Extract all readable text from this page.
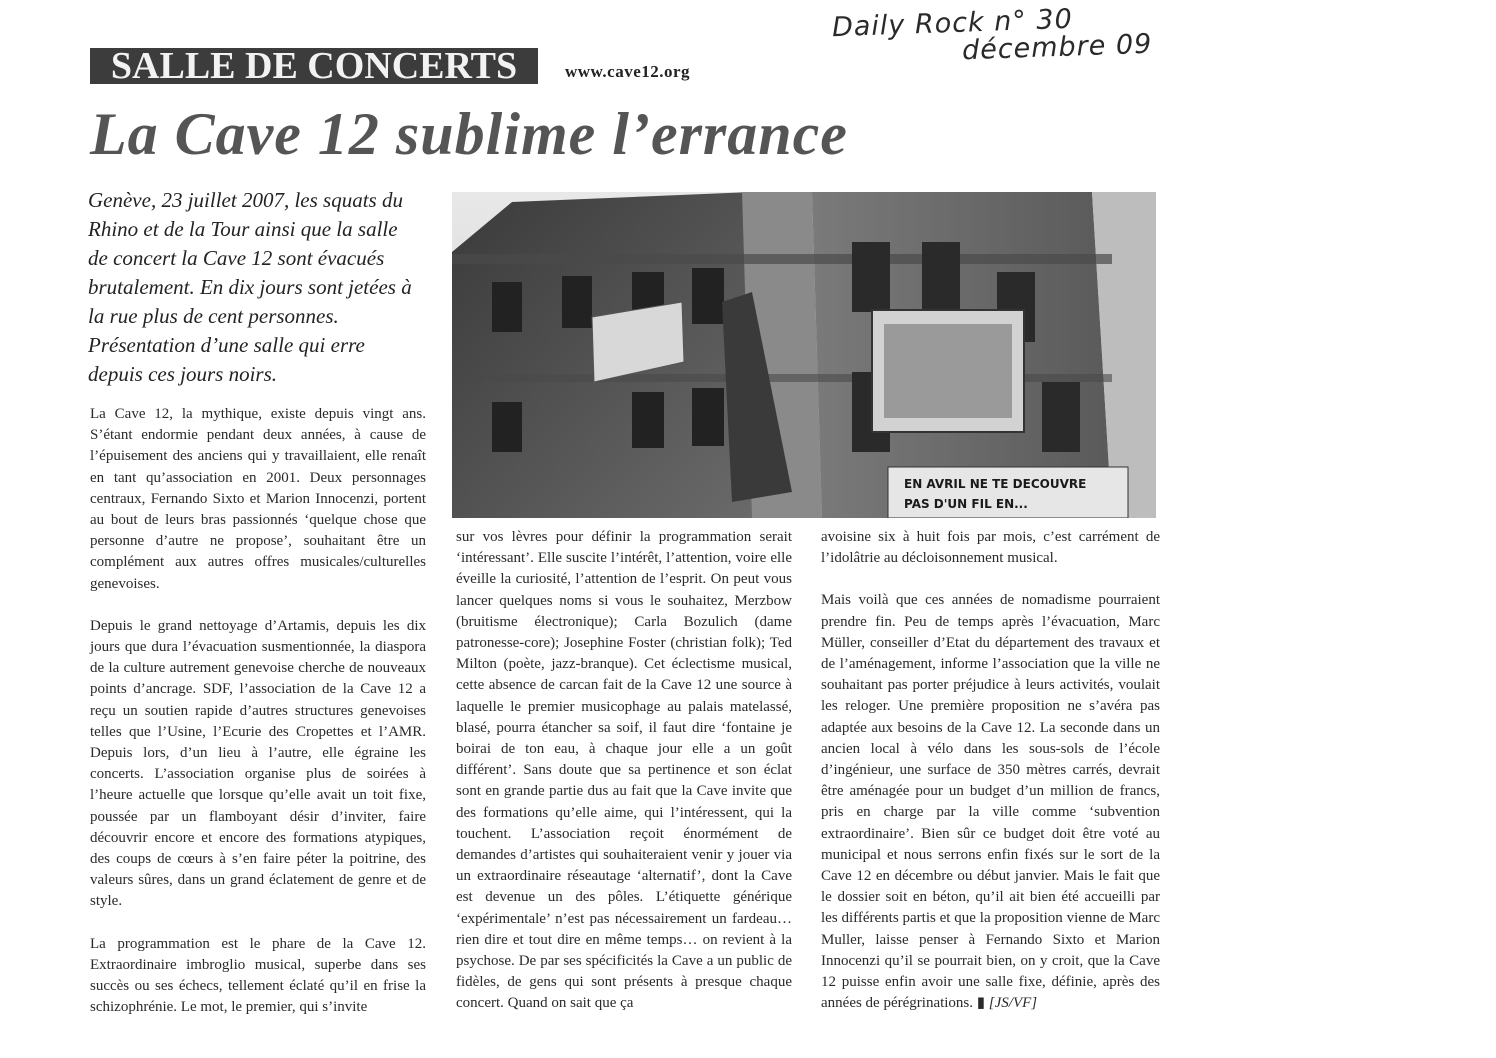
Daily Rock n° 30
décembre 09
SALLE DE CONCERTS	www.cave12.org
La Cave 12 sublime l’errance
Genève, 23 juillet 2007, les squats du Rhino et de la Tour ainsi que la salle de concert la Cave 12 sont évacués brutalement. En dix jours sont jetées à la rue plus de cent personnes. Présentation d’une salle qui erre depuis ces jours noirs.
EN AVRIL NE TE DECOUVRE
PAS D'UN FIL EN...

La Cave 12, la mythique, existe depuis vingt ans. S’étant endormie pendant deux années, à cause de l’épuisement des anciens qui y travaillaient, elle renaît en tant qu’association en 2001. Deux personnages centraux, Fernando Sixto et Marion Innocenzi, portent au bout de leurs bras passionnés ‘quelque chose que personne d’autre ne propose’, souhaitant être un complément aux autres offres musicales/culturelles genevoises.

Depuis le grand nettoyage d’Artamis, depuis les dix jours que dura l’évacuation susmentionnée, la diaspora de la culture autrement genevoise cherche de nouveaux points d’ancrage. SDF, l’association de la Cave 12 a reçu un soutien rapide d’autres structures genevoises telles que l’Usine, l’Ecurie des Cropettes et l’AMR. Depuis lors, d’un lieu à l’autre, elle égraine les concerts. L’association organise plus de soirées à l’heure actuelle que lorsque qu’elle avait un toit fixe, poussée par un flamboyant désir d’inviter, faire découvrir encore et encore des formations atypiques, des coups de cœurs à s’en faire péter la poitrine, des valeurs sûres, dans un grand éclatement de genre et de style.

La programmation est le phare de la Cave 12. Extraordinaire imbroglio musical, superbe dans ses succès ou ses échecs, tellement éclaté qu’il en frise la schizophrénie. Le mot, le premier, qui s’invite

sur vos lèvres pour définir la programmation serait ‘intéressant’. Elle suscite l’intérêt, l’attention, voire elle éveille la curiosité, l’attention de l’esprit. On peut vous lancer quelques noms si vous le souhaitez, Merzbow (bruitisme électronique); Carla Bozulich (dame patronesse-core); Josephine Foster (christian folk); Ted Milton (poète, jazz-branque). Cet éclectisme musical, cette absence de carcan fait de la Cave 12 une source à laquelle le premier musicophage au palais matelassé, blasé, pourra étancher sa soif, il faut dire ‘fontaine je boirai de ton eau, à chaque jour elle a un goût différent’. Sans doute que sa pertinence et son éclat sont en grande partie dus au fait que la Cave invite que des formations qu’elle aime, qui l’intéressent, qui la touchent. L’association reçoit énormément de demandes d’artistes qui souhaiteraient venir y jouer via un extraordinaire réseautage ‘alternatif’, dont la Cave est devenue un des pôles. L’étiquette générique ‘expérimentale’ n’est pas nécessairement un fardeau… rien dire et tout dire en même temps… on revient à la psychose. De par ses spécificités la Cave a un public de fidèles, de gens qui sont présents à presque chaque concert. Quand on sait que ça

avoisine six à huit fois par mois, c’est carrément de l’idolâtrie au décloisonnement musical.

Mais voilà que ces années de nomadisme pourraient prendre fin. Peu de temps après l’évacuation, Marc Müller, conseiller d’Etat du département des travaux et de l’aménagement, informe l’association que la ville ne souhaitant pas porter préjudice à leurs activités, voulait les reloger. Une première proposition ne s’avéra pas adaptée aux besoins de la Cave 12. La seconde dans un ancien local à vélo dans les sous-sols de l’école d’ingénieur, une surface de 350 mètres carrés, devrait être aménagée pour un budget d’un million de francs, pris en charge par la ville comme ‘subvention extraordinaire’. Bien sûr ce budget doit être voté au municipal et nous serrons enfin fixés sur le sort de la Cave 12 en décembre ou début janvier. Mais le fait que le dossier soit en béton, qu’il ait bien été accueilli par les différents partis et que la proposition vienne de Marc Muller, laisse penser à Fernando Sixto et Marion Innocenzi qu’il se pourrait bien, on y croit, que la Cave 12 puisse enfin avoir une salle fixe, définie, après des années de pérégrinations. ▮ [JS/VF]
